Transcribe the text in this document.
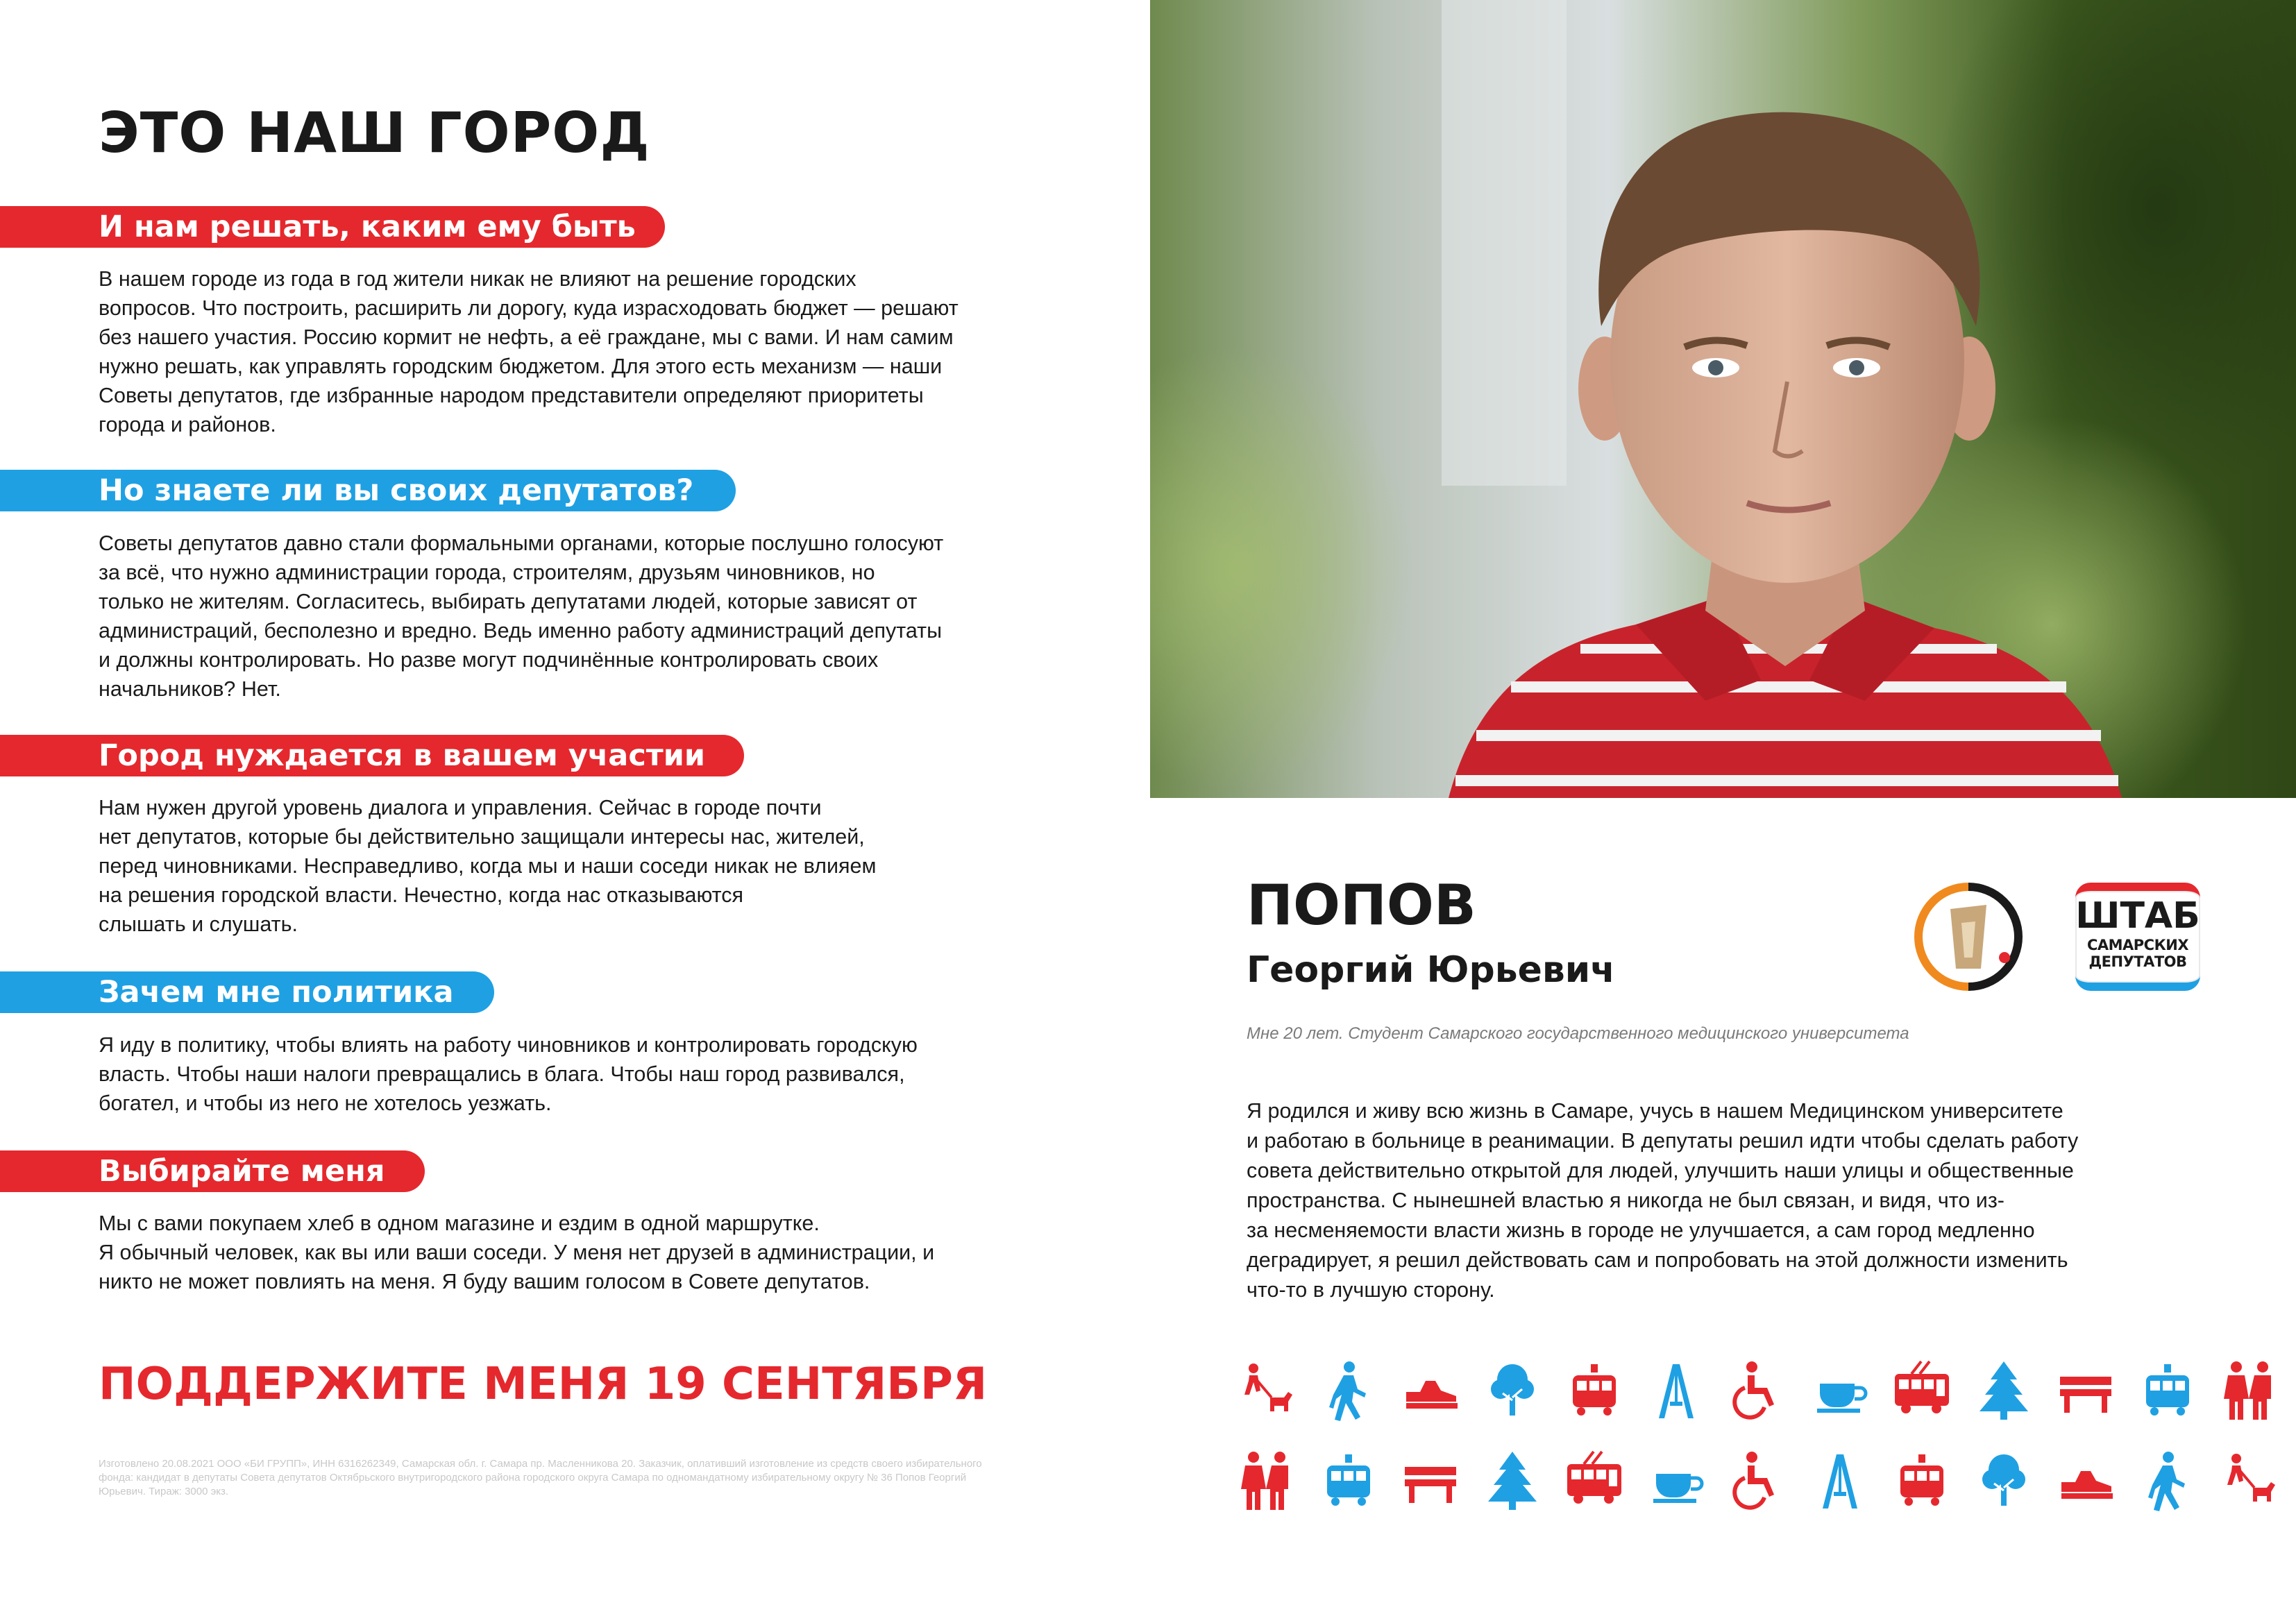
ЭТО НАШ ГОРОД
И нам решать, каким ему быть

В нашем городе из года в год жители никак не влияют на решение городских
вопросов. Что построить, расширить ли дорогу, куда израсходовать бюджет — решают
без нашего участия. Россию кормит не нефть, а её граждане, мы с вами. И нам самим
нужно решать, как управлять городским бюджетом. Для этого есть механизм — наши
Советы депутатов, где избранные народом представители определяют приоритеты
города и районов.

Но знаете ли вы своих депутатов?

Советы депутатов давно стали формальными органами, которые послушно голосуют
за всё, что нужно администрации города, строителям, друзьям чиновников, но
только не жителям. Согласитесь, выбирать депутатами людей, которые зависят от
администраций, бесполезно и вредно. Ведь именно работу администраций депутаты
и должны контролировать. Но разве могут подчинённые контролировать своих
начальников? Нет.

Город нуждается в вашем участии

Нам нужен другой уровень диалога и управления. Сейчас в городе почти
нет депутатов, которые бы действительно защищали интересы нас, жителей,
перед чиновниками. Несправедливо, когда мы и наши соседи никак не влияем
на решения городской власти. Нечестно, когда нас отказываются
слышать и слушать.

Зачем мне политика

Я иду в политику, чтобы влиять на работу чиновников и контролировать городскую
власть. Чтобы наши налоги превращались в блага. Чтобы наш город развивался,
богател, и чтобы из него не хотелось уезжать.

Выбирайте меня

Мы с вами покупаем хлеб в одном магазине и ездим в одной маршрутке.
Я обычный человек, как вы или ваши соседи. У меня нет друзей в администрации, и
никто не может повлиять на меня. Я буду вашим голосом в Совете депутатов.

ПОДДЕРЖИТЕ МЕНЯ 19 СЕНТЯБРЯ

Изготовлено 20.08.2021 ООО «БИ ГРУПП», ИНН 6316262349, Самарская обл. г. Самара пр. Масленникова 20. Заказчик, оплативший изготовление из средств своего избирательного фонда: кандидат в депутаты Совета депутатов Октябрьского внутригородского района городского округа Самара по одномандатному избирательному округу № 36 Попов Георгий Юрьевич. Тираж: 3000 экз.

ПОПОВ
Георгий Юрьевич
ШТАБ
САМАРСКИХ
ДЕПУТАТОВ

Мне 20 лет. Студент Самарского государственного медицинского университета

Я родился и живу всю жизнь в Самаре, учусь в нашем Медицинском университете
и работаю в больнице в реанимации. В депутаты решил идти чтобы сделать работу
совета действительно открытой для людей, улучшить наши улицы и общественные
пространства. С нынешней властью я никогда не был связан, и видя, что из-
за несменяемости власти жизнь в городе не улучшается, а сам город медленно
деградирует, я решил действовать сам и попробовать на этой должности изменить
что-то в лучшую сторону.
